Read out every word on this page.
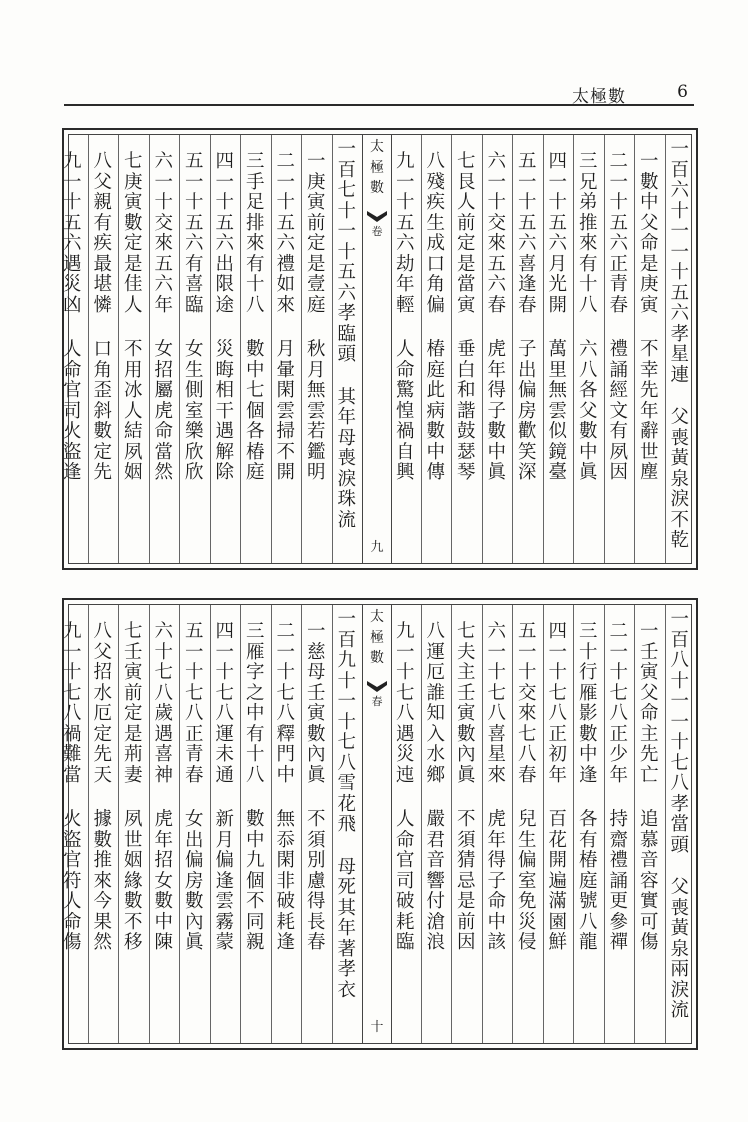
太極數	6
一
百
六
十
一
一
十
五
六
孝
星
連
父
喪
黃
泉
淚
不
乾
一
數
中
父
命
是
庚
寅
不
幸
先
年
辭
世
塵
二
一
十
五
六
正
青
春
禮
誦
經
文
有
夙
因
三
兄
弟
推
來
有
十
八
六
八
各
父
數
中
眞
四
一
十
五
六
月
光
開
萬
里
無
雲
似
鏡
臺
五
一
十
五
六
喜
逢
春
子
出
偏
房
歡
笑
深
六
一
十
交
來
五
六
春
虎
年
得
子
數
中
眞
七
艮
人
前
定
是
當
寅
垂
白
和
諧
鼓
瑟
琴
八
殘
疾
生
成
口
角
偏
椿
庭
此
病
數
中
傳
九
一
十
五
六
劫
年
輕
人
命
驚
惶
禍
自
興
太
極
數
卷
九
一
百
七
十
一
十
五
六
孝
臨
頭
其
年
母
喪
淚
珠
流
一
庚
寅
前
定
是
壹
庭
秋
月
無
雲
若
鑑
明
二
一
十
五
六
禮
如
來
月
暈
閑
雲
掃
不
開
三
手
足
排
來
有
十
八
數
中
七
個
各
椿
庭
四
一
十
五
六
出
限
途
災
晦
相
干
遇
解
除
五
一
十
五
六
有
喜
臨
女
生
側
室
樂
欣
欣
六
一
十
交
來
五
六
年
女
招
屬
虎
命
當
然
七
庚
寅
數
定
是
佳
人
不
用
冰
人
結
夙
姻
八
父
親
有
疾
最
堪
憐
口
角
歪
斜
數
定
先
九
一
十
五
六
遇
災
凶
人
命
官
司
火
盜
逢
一
百
八
十
一
一
十
七
八
孝
當
頭
父
喪
黃
泉
兩
淚
流
一
壬
寅
父
命
主
先
亡
追
慕
音
容
實
可
傷
二
一
十
七
八
正
少
年
持
齋
禮
誦
更
參
禪
三
十
行
雁
影
數
中
逢
各
有
椿
庭
號
八
龍
四
一
十
七
八
正
初
年
百
花
開
遍
滿
園
鮮
五
一
十
交
來
七
八
春
兒
生
偏
室
免
災
侵
六
一
十
七
八
喜
星
來
虎
年
得
子
命
中
該
七
夫
主
壬
寅
數
內
眞
不
須
猜
忌
是
前
因
八
運
厄
誰
知
入
水
鄉
嚴
君
音
響
付
滄
浪
九
一
十
七
八
遇
災
迍
人
命
官
司
破
耗
臨
太
極
數
春
十
一
百
九
十
一
十
七
八
雪
花
飛
母
死
其
年
著
孝
衣
一
慈
母
壬
寅
數
內
眞
不
須
別
慮
得
長
春
二
一
十
七
八
釋
門
中
無
忝
閑
非
破
耗
逢
三
雁
字
之
中
有
十
八
數
中
九
個
不
同
親
四
一
十
七
八
運
未
通
新
月
偏
逢
雲
霧
蒙
五
一
十
七
八
正
青
春
女
出
偏
房
數
內
眞
六
十
七
八
歲
遇
喜
神
虎
年
招
女
數
中
陳
七
壬
寅
前
定
是
荊
妻
夙
世
姻
緣
數
不
移
八
父
招
水
厄
定
先
天
據
數
推
來
今
果
然
九
一
十
七
八
禍
難
當
火
盜
官
符
人
命
傷
